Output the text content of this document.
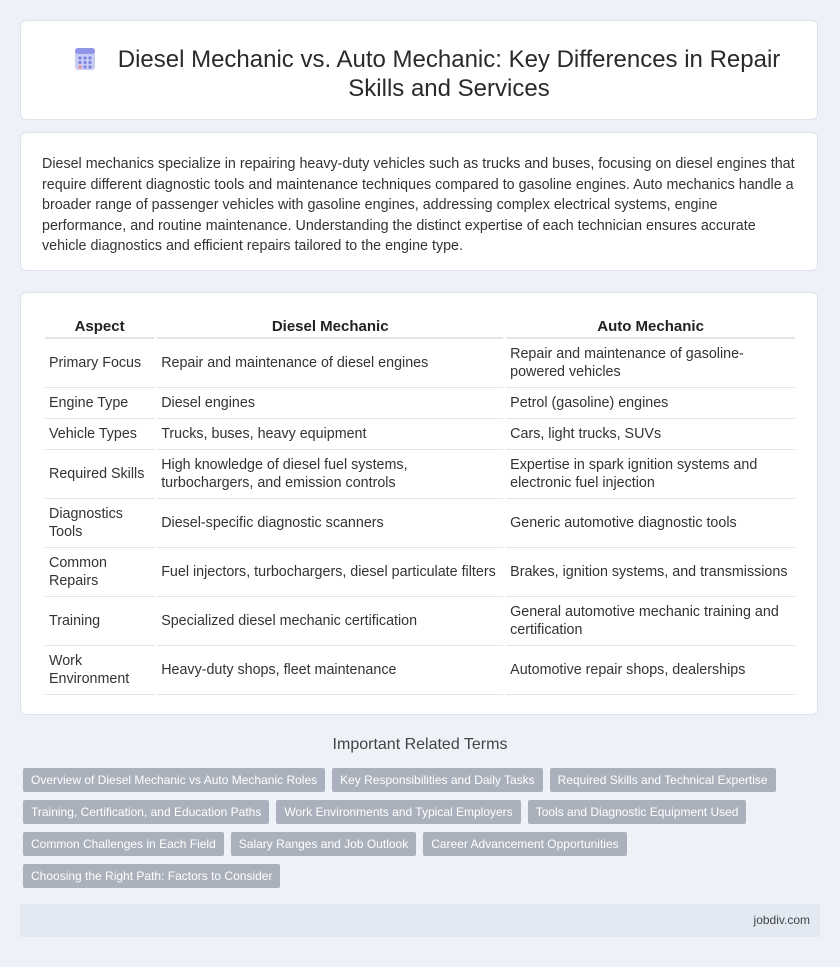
Diesel Mechanic vs. Auto Mechanic: Key Differences in Repair Skills and Services

Diesel mechanics specialize in repairing heavy-duty vehicles such as trucks and buses, focusing on diesel engines that require different diagnostic tools and maintenance techniques compared to gasoline engines. Auto mechanics handle a broader range of passenger vehicles with gasoline engines, addressing complex electrical systems, engine performance, and routine maintenance. Understanding the distinct expertise of each technician ensures accurate vehicle diagnostics and efficient repairs tailored to the engine type.

Aspect	Diesel Mechanic	Auto Mechanic
Primary Focus	Repair and maintenance of diesel engines	Repair and maintenance of gasoline-powered vehicles
Engine Type	Diesel engines	Petrol (gasoline) engines
Vehicle Types	Trucks, buses, heavy equipment	Cars, light trucks, SUVs
Required Skills	High knowledge of diesel fuel systems, turbochargers, and emission controls	Expertise in spark ignition systems and electronic fuel injection
Diagnostics Tools	Diesel-specific diagnostic scanners	Generic automotive diagnostic tools
Common Repairs	Fuel injectors, turbochargers, diesel particulate filters	Brakes, ignition systems, and transmissions
Training	Specialized diesel mechanic certification	General automotive mechanic training and certification
Work Environment	Heavy-duty shops, fleet maintenance	Automotive repair shops, dealerships
Important Related Terms
Overview of Diesel Mechanic vs Auto Mechanic Roles	Key Responsibilities and Daily Tasks	Required Skills and Technical Expertise
Training, Certification, and Education Paths	Work Environments and Typical Employers	Tools and Diagnostic Equipment Used
Common Challenges in Each Field	Salary Ranges and Job Outlook	Career Advancement Opportunities
Choosing the Right Path: Factors to Consider
jobdiv.com
